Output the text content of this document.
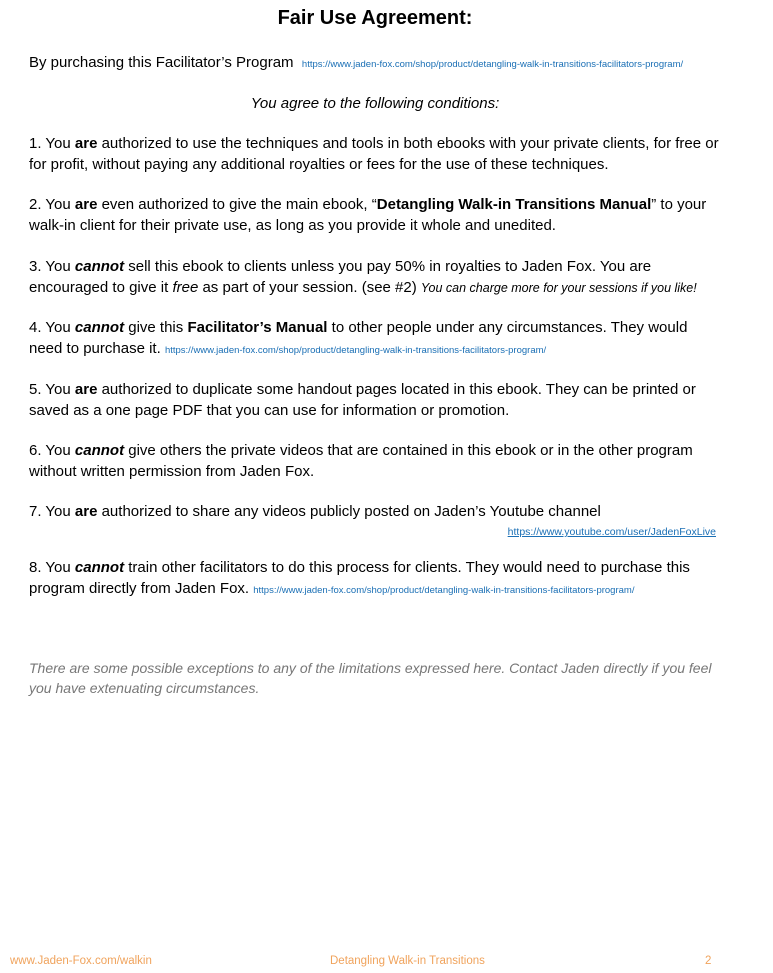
Fair Use Agreement:
By purchasing this Facilitator’s Program https://www.jaden-fox.com/shop/product/detangling-walk-in-transitions-facilitators-program/
You agree to the following conditions:
1. You are authorized to use the techniques and tools in both ebooks with your private clients, for free or for profit, without paying any additional royalties or fees for the use of these techniques.
2. You are even authorized to give the main ebook, “Detangling Walk-in Transitions Manual” to your walk-in client for their private use, as long as you provide it whole and unedited.
3. You cannot sell this ebook to clients unless you pay 50% in royalties to Jaden Fox. You are encouraged to give it free as part of your session. (see #2) You can charge more for your sessions if you like!
4. You cannot give this Facilitator’s Manual to other people under any circumstances. They would need to purchase it. https://www.jaden-fox.com/shop/product/detangling-walk-in-transitions-facilitators-program/
5. You are authorized to duplicate some handout pages located in this ebook. They can be printed or saved as a one page PDF that you can use for information or promotion.
6. You cannot give others the private videos that are contained in this ebook or in the other program without written permission from Jaden Fox.
7. You are authorized to share any videos publicly posted on Jaden’s Youtube channel
https://www.youtube.com/user/JadenFoxLive
8. You cannot train other facilitators to do this process for clients. They would need to purchase this program directly from Jaden Fox. https://www.jaden-fox.com/shop/product/detangling-walk-in-transitions-facilitators-program/
There are some possible exceptions to any of the limitations expressed here. Contact Jaden directly if you feel you have extenuating circumstances.
www.Jaden-Fox.com/walkin	Detangling Walk-in Transitions	2
